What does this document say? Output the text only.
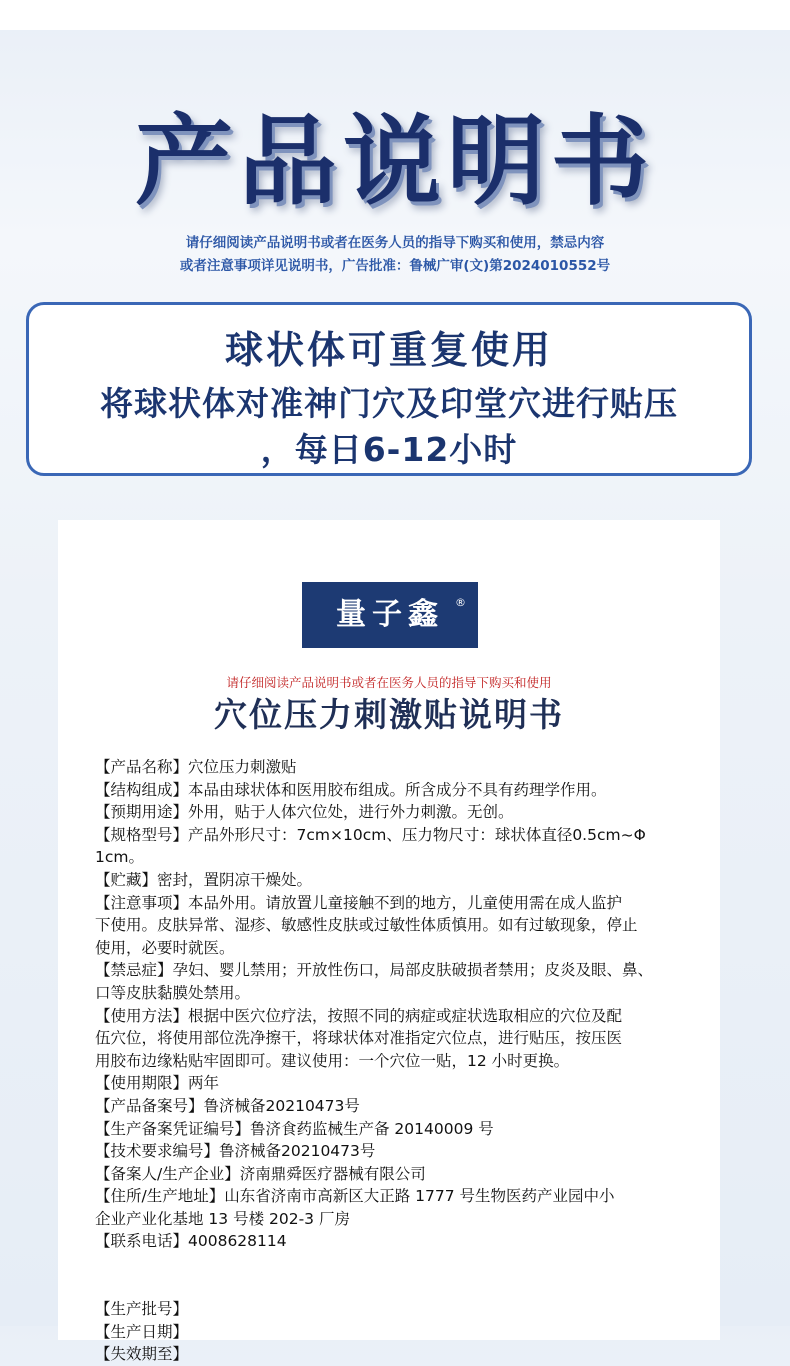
产品说明书
请仔细阅读产品说明书或者在医务人员的指导下购买和使用，禁忌内容
或者注意事项详见说明书，广告批准：鲁械广审(文)第2024010552号
球状体可重复使用
将球状体对准神门穴及印堂穴进行贴压
，每日6-12小时
量子鑫 ®
请仔细阅读产品说明书或者在医务人员的指导下购买和使用
穴位压力刺激贴说明书

【产品名称】穴位压力刺激贴

【结构组成】本品由球状体和医用胶布组成。所含成分不具有药理学作用。

【预期用途】外用，贴于人体穴位处，进行外力刺激。无创。

【规格型号】产品外形尺寸：7cm×10cm、压力物尺寸：球状体直径0.5cm~Φ

1cm。

【贮藏】密封，置阴凉干燥处。

【注意事项】本品外用。请放置儿童接触不到的地方，儿童使用需在成人监护

下使用。皮肤异常、湿疹、敏感性皮肤或过敏性体质慎用。如有过敏现象，停止

使用，必要时就医。

【禁忌症】孕妇、婴儿禁用；开放性伤口，局部皮肤破损者禁用；皮炎及眼、鼻、

口等皮肤黏膜处禁用。

【使用方法】根据中医穴位疗法，按照不同的病症或症状选取相应的穴位及配

伍穴位，将使用部位洗净擦干，将球状体对准指定穴位点，进行贴压，按压医

用胶布边缘粘贴牢固即可。建议使用：一个穴位一贴，12 小时更换。

【使用期限】两年

【产品备案号】鲁济械备20210473号

【生产备案凭证编号】鲁济食药监械生产备 20140009 号

【技术要求编号】鲁济械备20210473号

【备案人/生产企业】济南鼎舜医疗器械有限公司

【住所/生产地址】山东省济南市高新区大正路 1777 号生物医药产业园中小

企业产业化基地 13 号楼 202-3 厂房

【联系电话】4008628114

【生产批号】

【生产日期】

【失效期至】
